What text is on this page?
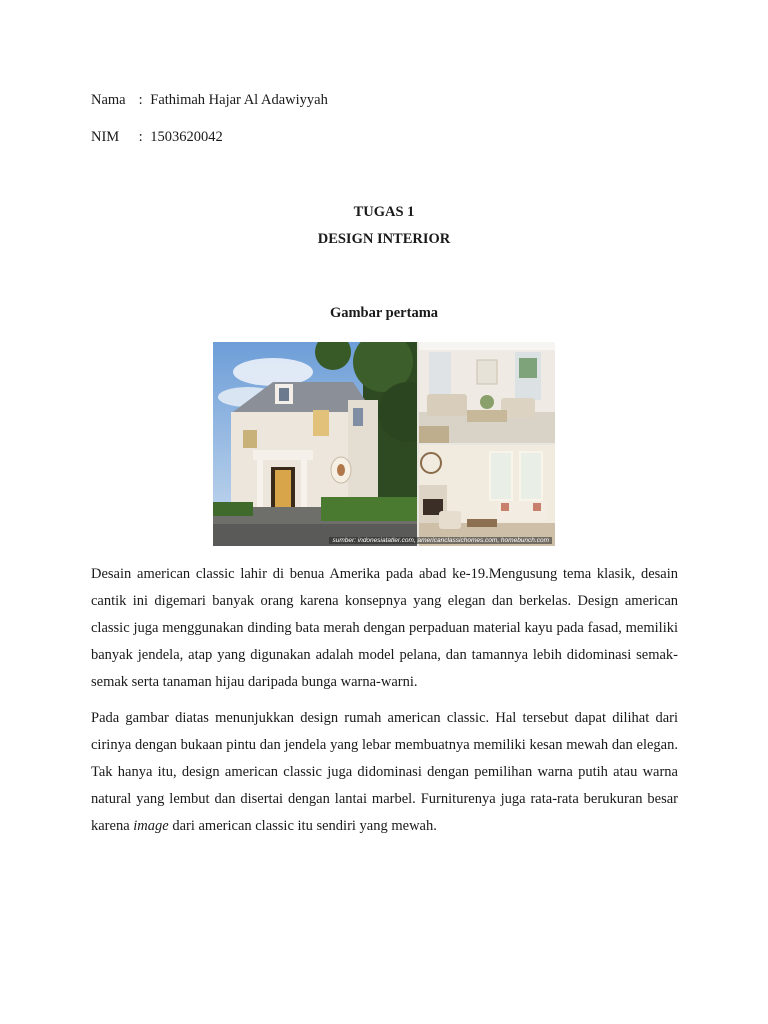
Nama : Fathimah Hajar Al Adawiyyah
NIM : 1503620042
TUGAS 1
DESIGN INTERIOR
Gambar pertama
sumber: indonesiatatler.com, americanclassichomes.com, homebunch.com

Desain american classic lahir di benua Amerika pada abad ke-19.Mengusung tema klasik, desain cantik ini digemari banyak orang karena konsepnya yang elegan dan berkelas. Design american classic juga menggunakan dinding bata merah dengan perpaduan material kayu pada fasad, memiliki banyak jendela, atap yang digunakan adalah model pelana, dan tamannya lebih didominasi semak-semak serta tanaman hijau daripada bunga warna-warni.

Pada gambar diatas menunjukkan design rumah american classic. Hal tersebut dapat dilihat dari cirinya dengan bukaan pintu dan jendela yang lebar membuatnya memiliki kesan mewah dan elegan. Tak hanya itu, design american classic juga didominasi dengan pemilihan warna putih atau warna natural yang lembut dan disertai dengan lantai marbel. Furniturenya juga rata-rata berukuran besar karena image dari american classic itu sendiri yang mewah.
